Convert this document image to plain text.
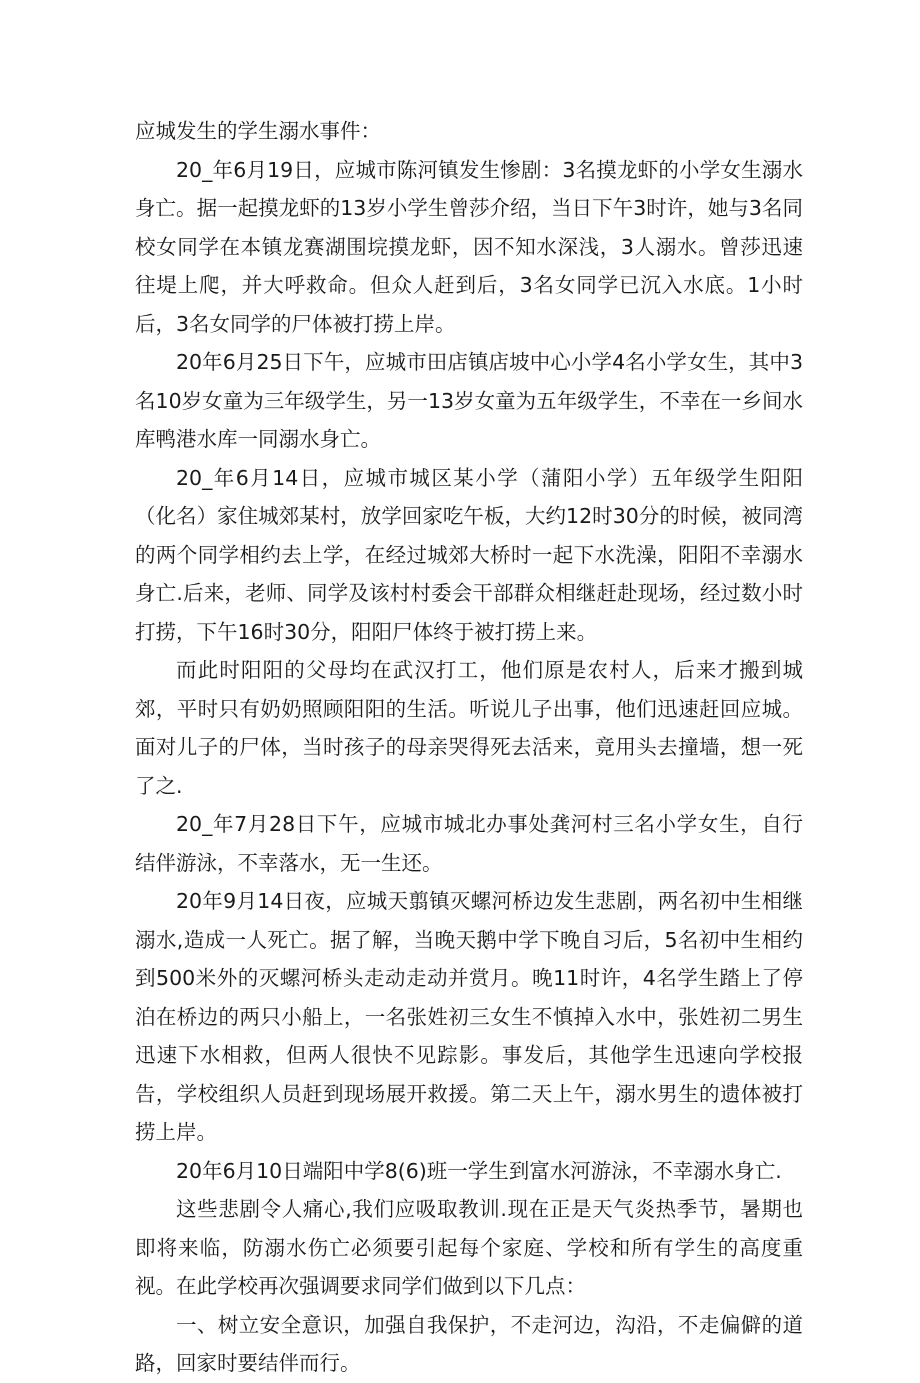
应城发生的学生溺水事件：

20_年6月19日，应城市陈河镇发生惨剧：3名摸龙虾的小学女生溺水身亡。据一起摸龙虾的13岁小学生曾莎介绍，当日下午3时许，她与3名同校女同学在本镇龙赛湖围垸摸龙虾，因不知水深浅，3人溺水。曾莎迅速往堤上爬，并大呼救命。但众人赶到后，3名女同学已沉入水底。1小时后，3名女同学的尸体被打捞上岸。

20年6月25日下午，应城市田店镇店坡中心小学4名小学女生，其中3名10岁女童为三年级学生，另一13岁女童为五年级学生，不幸在一乡间水库鸭港水库一同溺水身亡。

20_年6月14日，应城市城区某小学（蒲阳小学）五年级学生阳阳（化名）家住城郊某村，放学回家吃午板，大约12时30分的时候，被同湾的两个同学相约去上学，在经过城郊大桥时一起下水洗澡，阳阳不幸溺水身亡.后来，老师、同学及该村村委会干部群众相继赶赴现场，经过数小时打捞，下午16时30分，阳阳尸体终于被打捞上来。

而此时阳阳的父母均在武汉打工，他们原是农村人，后来才搬到城郊，平时只有奶奶照顾阳阳的生活。听说儿子出事，他们迅速赶回应城。面对儿子的尸体，当时孩子的母亲哭得死去活来，竟用头去撞墙，想一死了之.

20_年7月28日下午，应城市城北办事处龚河村三名小学女生，自行结伴游泳，不幸落水，无一生还。

20年9月14日夜，应城天翦镇灭螺河桥边发生悲剧，两名初中生相继溺水,造成一人死亡。据了解，当晚天鹅中学下晚自习后，5名初中生相约到500米外的灭螺河桥头走动走动并赏月。晚11时许，4名学生踏上了停泊在桥边的两只小船上，一名张姓初三女生不慎掉入水中，张姓初二男生迅速下水相救，但两人很快不见踪影。事发后，其他学生迅速向学校报告，学校组织人员赶到现场展开救援。第二天上午，溺水男生的遗体被打捞上岸。

20年6月10日端阳中学8(6)班一学生到富水河游泳，不幸溺水身亡.

这些悲剧令人痛心,我们应吸取教训.现在正是天气炎热季节，暑期也即将来临，防溺水伤亡必须要引起每个家庭、学校和所有学生的高度重视。在此学校再次强调要求同学们做到以下几点：

一、树立安全意识，加强自我保护，不走河边，沟沿，不走偏僻的道路，回家时要结伴而行。
